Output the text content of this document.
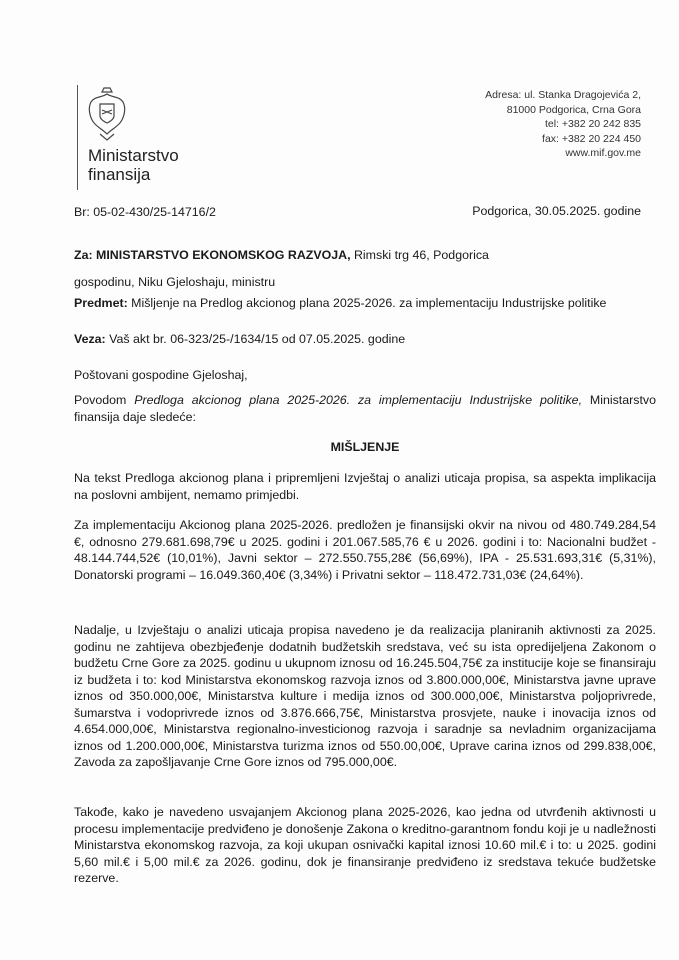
Ministarstvo
finansija
Adresa: ul. Stanka Dragojevića 2,
81000 Podgorica, Crna Gora
tel: +382 20 242 835
fax: +382 20 224 450
www.mif.gov.me
Br: 05-02-430/25-14716/2	Podgorica, 30.05.2025. godine
Za: MINISTARSTVO EKONOMSKOG RAZVOJA, Rimski trg 46, Podgorica
gospodinu, Niku Gjeloshaju, ministru
Predmet: Mišljenje na Predlog akcionog plana 2025-2026. za implementaciju Industrijske politike
Veza: Vaš akt br. 06-323/25-/1634/15 od 07.05.2025. godine
Poštovani gospodine Gjeloshaj,
Povodom Predloga akcionog plana 2025-2026. za implementaciju Industrijske politike, Ministarstvo finansija daje sledeće:
MIŠLJENJE

Na tekst Predloga akcionog plana i pripremljeni Izvještaj o analizi uticaja propisa, sa aspekta implikacija na poslovni ambijent, nemamo primjedbi.

Za implementaciju Akcionog plana 2025-2026. predložen je finansijski okvir na nivou od 480.749.284,54 €, odnosno 279.681.698,79€ u 2025. godini i 201.067.585,76 € u 2026. godini i to: Nacionalni budžet - 48.144.744,52€ (10,01%), Javni sektor – 272.550.755,28€ (56,69%), IPA - 25.531.693,31€ (5,31%), Donatorski programi – 16.049.360,40€ (3,34%) i Privatni sektor – 118.472.731,03€ (24,64%).

Nadalje, u Izvještaju o analizi uticaja propisa navedeno je da realizacija planiranih aktivnosti za 2025. godinu ne zahtijeva obezbjeđenje dodatnih budžetskih sredstava, već su ista opredijeljena Zakonom o budžetu Crne Gore za 2025. godinu u ukupnom iznosu od 16.245.504,75€ za institucije koje se finansiraju iz budžeta i to: kod Ministarstva ekonomskog razvoja iznos od 3.800.000,00€, Ministarstva javne uprave iznos od 350.000,00€, Ministarstva kulture i medija iznos od 300.000,00€, Ministarstva poljoprivrede, šumarstva i vodoprivrede iznos od 3.876.666,75€, Ministarstva prosvjete, nauke i inovacija iznos od 4.654.000,00€, Ministarstva regionalno-investicionog razvoja i saradnje sa nevladnim organizacijama iznos od 1.200.000,00€, Ministarstva turizma iznos od 550.00,00€, Uprave carina iznos od 299.838,00€, Zavoda za zapošljavanje Crne Gore iznos od 795.000,00€.

Takođe, kako je navedeno usvajanjem Akcionog plana 2025-2026, kao jedna od utvrđenih aktivnosti u procesu implementacije predviđeno je donošenje Zakona o kreditno-garantnom fondu koji je u nadležnosti Ministarstva ekonomskog razvoja, za koji ukupan osnivački kapital iznosi 10.60 mil.€ i to: u 2025. godini 5,60 mil.€ i 5,00 mil.€ za 2026. godinu, dok je finansiranje predviđeno iz sredstava tekuće budžetske rezerve.
